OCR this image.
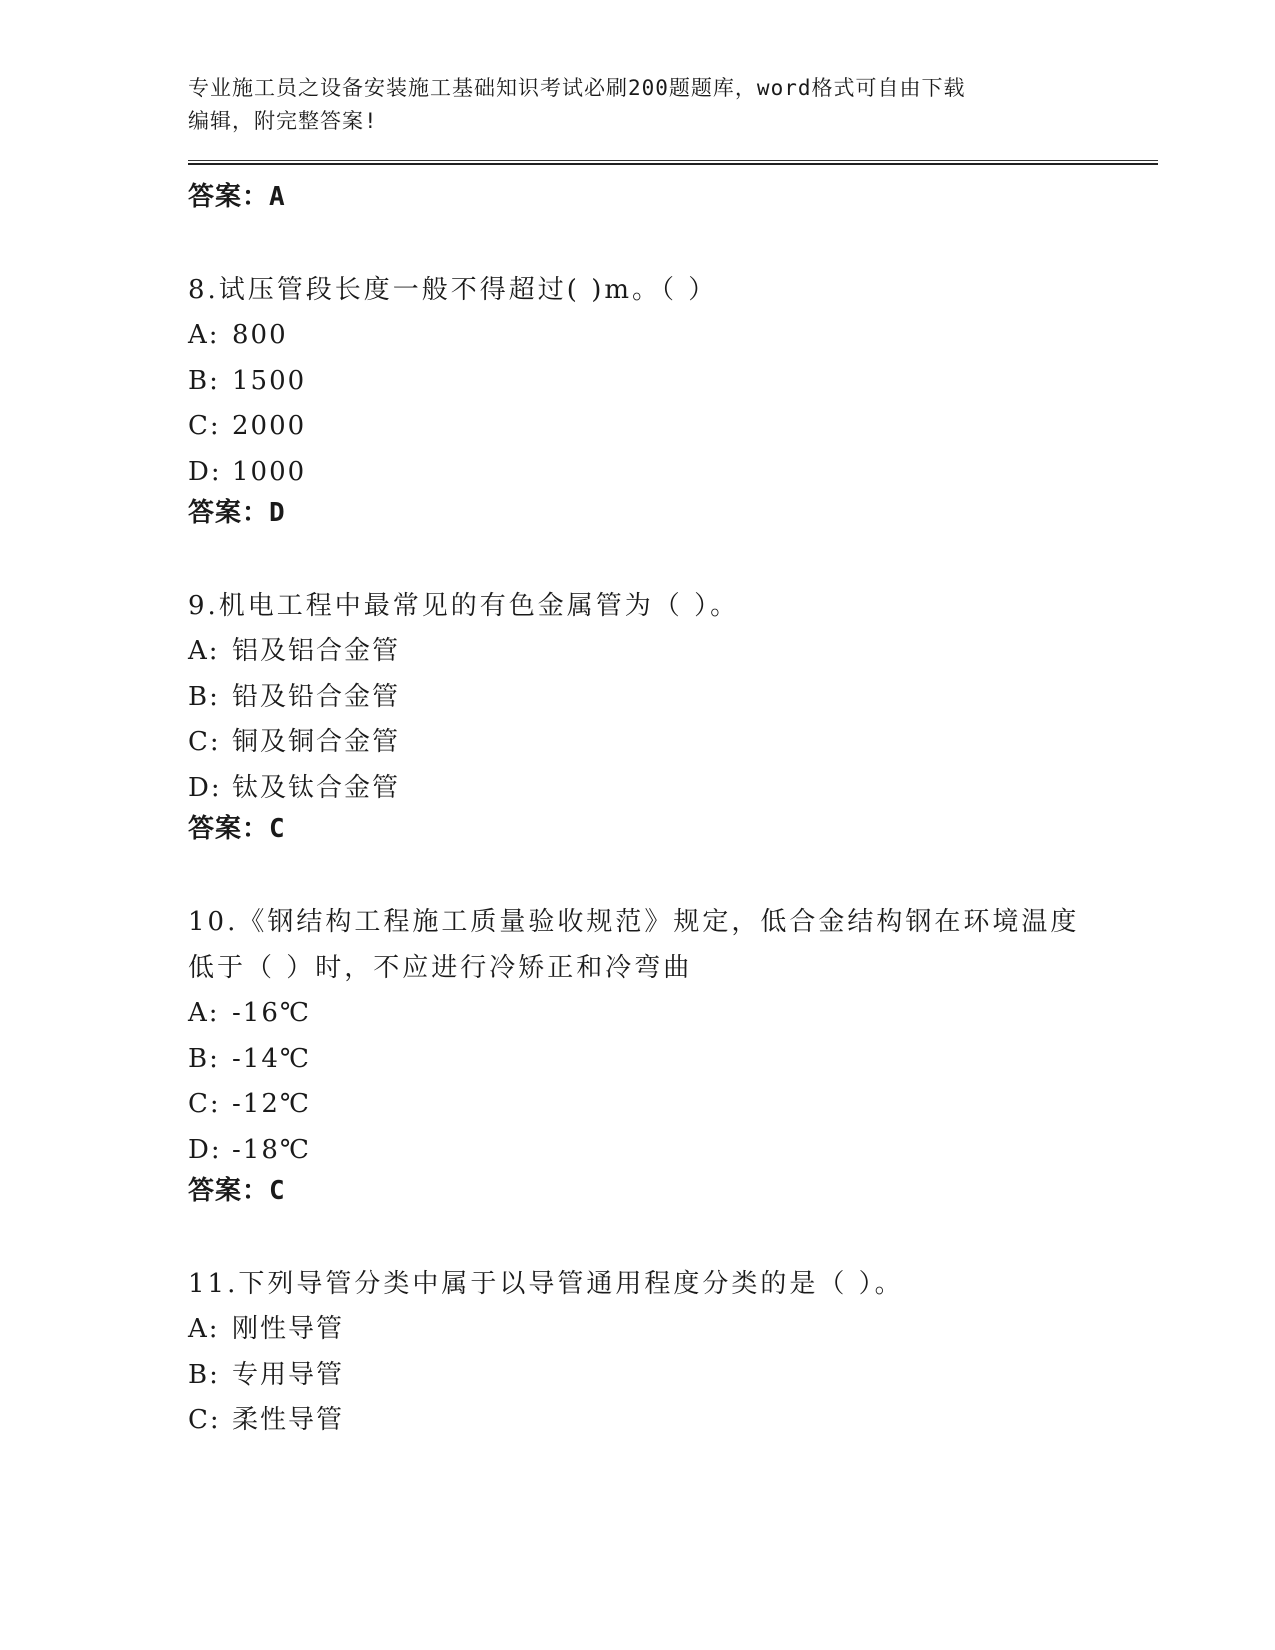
专业施工员之设备安装施工基础知识考试必刷200题题库，word格式可自由下载
编辑，附完整答案!
答案：A
8.试压管段长度一般不得超过( )m。（ ）
A: 800
B: 1500
C: 2000
D: 1000
答案：D
9.机电工程中最常见的有色金属管为（ ）。
A: 铝及铝合金管
B: 铅及铅合金管
C: 铜及铜合金管
D: 钛及钛合金管
答案：C
10.《钢结构工程施工质量验收规范》规定，低合金结构钢在环境温度
低于（ ）时，不应进行冷矫正和冷弯曲
A: -16℃
B: -14℃
C: -12℃
D: -18℃
答案：C
11.下列导管分类中属于以导管通用程度分类的是（ ）。
A: 刚性导管
B: 专用导管
C: 柔性导管
